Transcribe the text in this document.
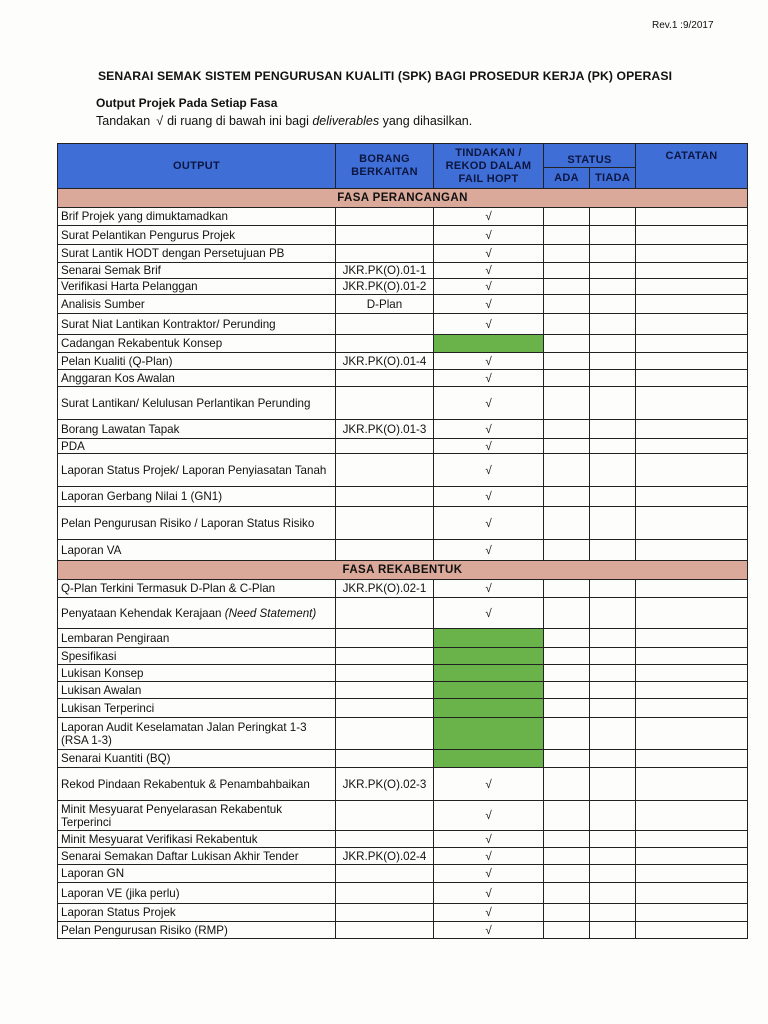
Rev.1 :9/2017
SENARAI SEMAK SISTEM PENGURUSAN KUALITI (SPK) BAGI PROSEDUR KERJA (PK) OPERASI
Output Projek Pada Setiap Fasa
Tandakan √ di ruang di bawah ini bagi deliverables yang dihasilkan.
OUTPUT	BORANG BERKAITAN	TINDAKAN / REKOD DALAM FAIL HOPT	STATUS		CATATAN
			ADA	TIADA	
FASA PERANCANGAN					
Brif Projek yang dimuktamadkan		√			
Surat Pelantikan Pengurus Projek		√			
Surat Lantik HODT dengan Persetujuan PB		√			
Senarai Semak Brif	JKR.PK(O).01-1	√			
Verifikasi Harta Pelanggan	JKR.PK(O).01-2	√			
Analisis Sumber	D-Plan	√			
Surat Niat Lantikan Kontraktor/ Perunding		√			
Cadangan Rekabentuk Konsep					
Pelan Kualiti (Q-Plan)	JKR.PK(O).01-4	√			
Anggaran Kos Awalan		√			
Surat Lantikan/ Kelulusan Perlantikan Perunding		√			
Borang Lawatan Tapak	JKR.PK(O).01-3	√			
PDA		√			
Laporan Status Projek/ Laporan Penyiasatan Tanah		√			
Laporan Gerbang Nilai 1 (GN1)		√			
Pelan Pengurusan Risiko / Laporan Status Risiko		√			
Laporan VA		√			
FASA REKABENTUK					
Q-Plan Terkini Termasuk D-Plan & C-Plan	JKR.PK(O).02-1	√			
Penyataan Kehendak Kerajaan (Need Statement)		√			
Lembaran Pengiraan					
Spesifikasi					
Lukisan Konsep					
Lukisan Awalan					
Lukisan Terperinci					
Laporan Audit Keselamatan Jalan Peringkat 1-3 (RSA 1-3)					
Senarai Kuantiti (BQ)					
Rekod Pindaan Rekabentuk & Penambahbaikan	JKR.PK(O).02-3	√			
Minit Mesyuarat Penyelarasan Rekabentuk Terperinci		√			
Minit Mesyuarat Verifikasi Rekabentuk		√			
Senarai Semakan Daftar Lukisan Akhir Tender	JKR.PK(O).02-4	√			
Laporan GN		√			
Laporan VE (jika perlu)		√			
Laporan Status Projek		√			
Pelan Pengurusan Risiko (RMP)		√			
